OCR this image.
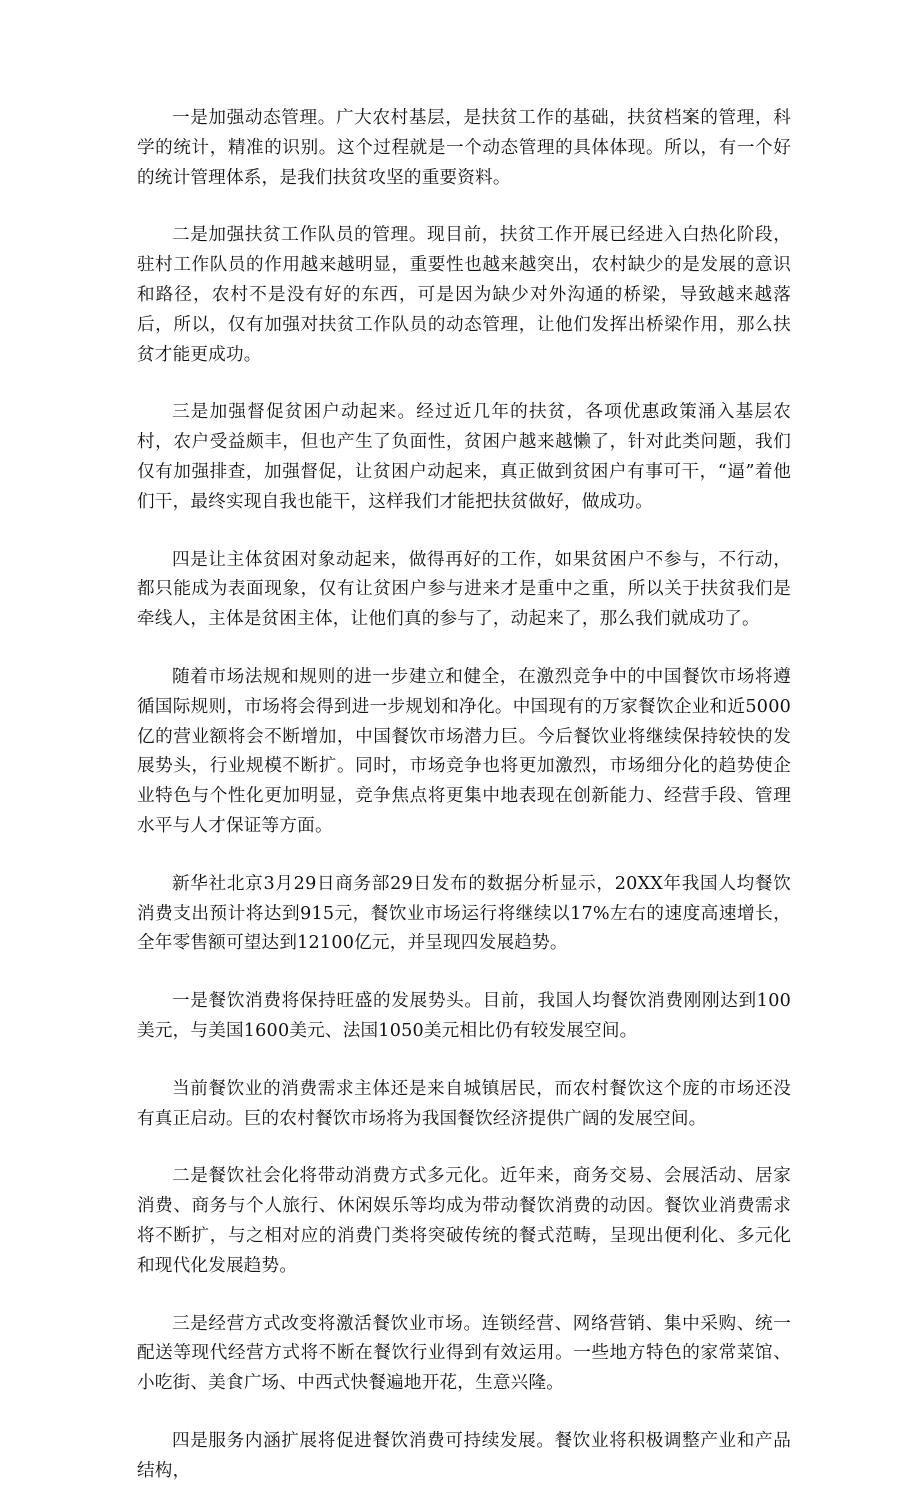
一是加强动态管理。广大农村基层，是扶贫工作的基础，扶贫档案的管理，科学的统计，精准的识别。这个过程就是一个动态管理的具体体现。所以，有一个好的统计管理体系，是我们扶贫攻坚的重要资料。

二是加强扶贫工作队员的管理。现目前，扶贫工作开展已经进入白热化阶段，驻村工作队员的作用越来越明显，重要性也越来越突出，农村缺少的是发展的意识和路径，农村不是没有好的东西，可是因为缺少对外沟通的桥梁，导致越来越落后，所以，仅有加强对扶贫工作队员的动态管理，让他们发挥出桥梁作用，那么扶贫才能更成功。

三是加强督促贫困户动起来。经过近几年的扶贫，各项优惠政策涌入基层农村，农户受益颇丰，但也产生了负面性，贫困户越来越懒了，针对此类问题，我们仅有加强排查，加强督促，让贫困户动起来，真正做到贫困户有事可干，“逼”着他们干，最终实现自我也能干，这样我们才能把扶贫做好，做成功。

四是让主体贫困对象动起来，做得再好的工作，如果贫困户不参与，不行动，都只能成为表面现象，仅有让贫困户参与进来才是重中之重，所以关于扶贫我们是牵线人，主体是贫困主体，让他们真的参与了，动起来了，那么我们就成功了。

随着市场法规和规则的进一步建立和健全，在激烈竞争中的中国餐饮市场将遵循国际规则，市场将会得到进一步规划和净化。中国现有的万家餐饮企业和近5000亿的营业额将会不断增加，中国餐饮市场潜力巨。今后餐饮业将继续保持较快的发展势头，行业规模不断扩。同时，市场竞争也将更加激烈，市场细分化的趋势使企业特色与个性化更加明显，竞争焦点将更集中地表现在创新能力、经营手段、管理水平与人才保证等方面。

新华社北京3月29日商务部29日发布的数据分析显示，20XX年我国人均餐饮消费支出预计将达到915元，餐饮业市场运行将继续以17%左右的速度高速增长，全年零售额可望达到12100亿元，并呈现四发展趋势。

一是餐饮消费将保持旺盛的发展势头。目前，我国人均餐饮消费刚刚达到100美元，与美国1600美元、法国1050美元相比仍有较发展空间。

当前餐饮业的消费需求主体还是来自城镇居民，而农村餐饮这个庞的市场还没有真正启动。巨的农村餐饮市场将为我国餐饮经济提供广阔的发展空间。

二是餐饮社会化将带动消费方式多元化。近年来，商务交易、会展活动、居家消费、商务与个人旅行、休闲娱乐等均成为带动餐饮消费的动因。餐饮业消费需求将不断扩，与之相对应的消费门类将突破传统的餐式范畴，呈现出便利化、多元化和现代化发展趋势。

三是经营方式改变将激活餐饮业市场。连锁经营、网络营销、集中采购、统一配送等现代经营方式将不断在餐饮行业得到有效运用。一些地方特色的家常菜馆、小吃街、美食广场、中西式快餐遍地开花，生意兴隆。

四是服务内涵扩展将促进餐饮消费可持续发展。餐饮业将积极调整产业和产品结构，
